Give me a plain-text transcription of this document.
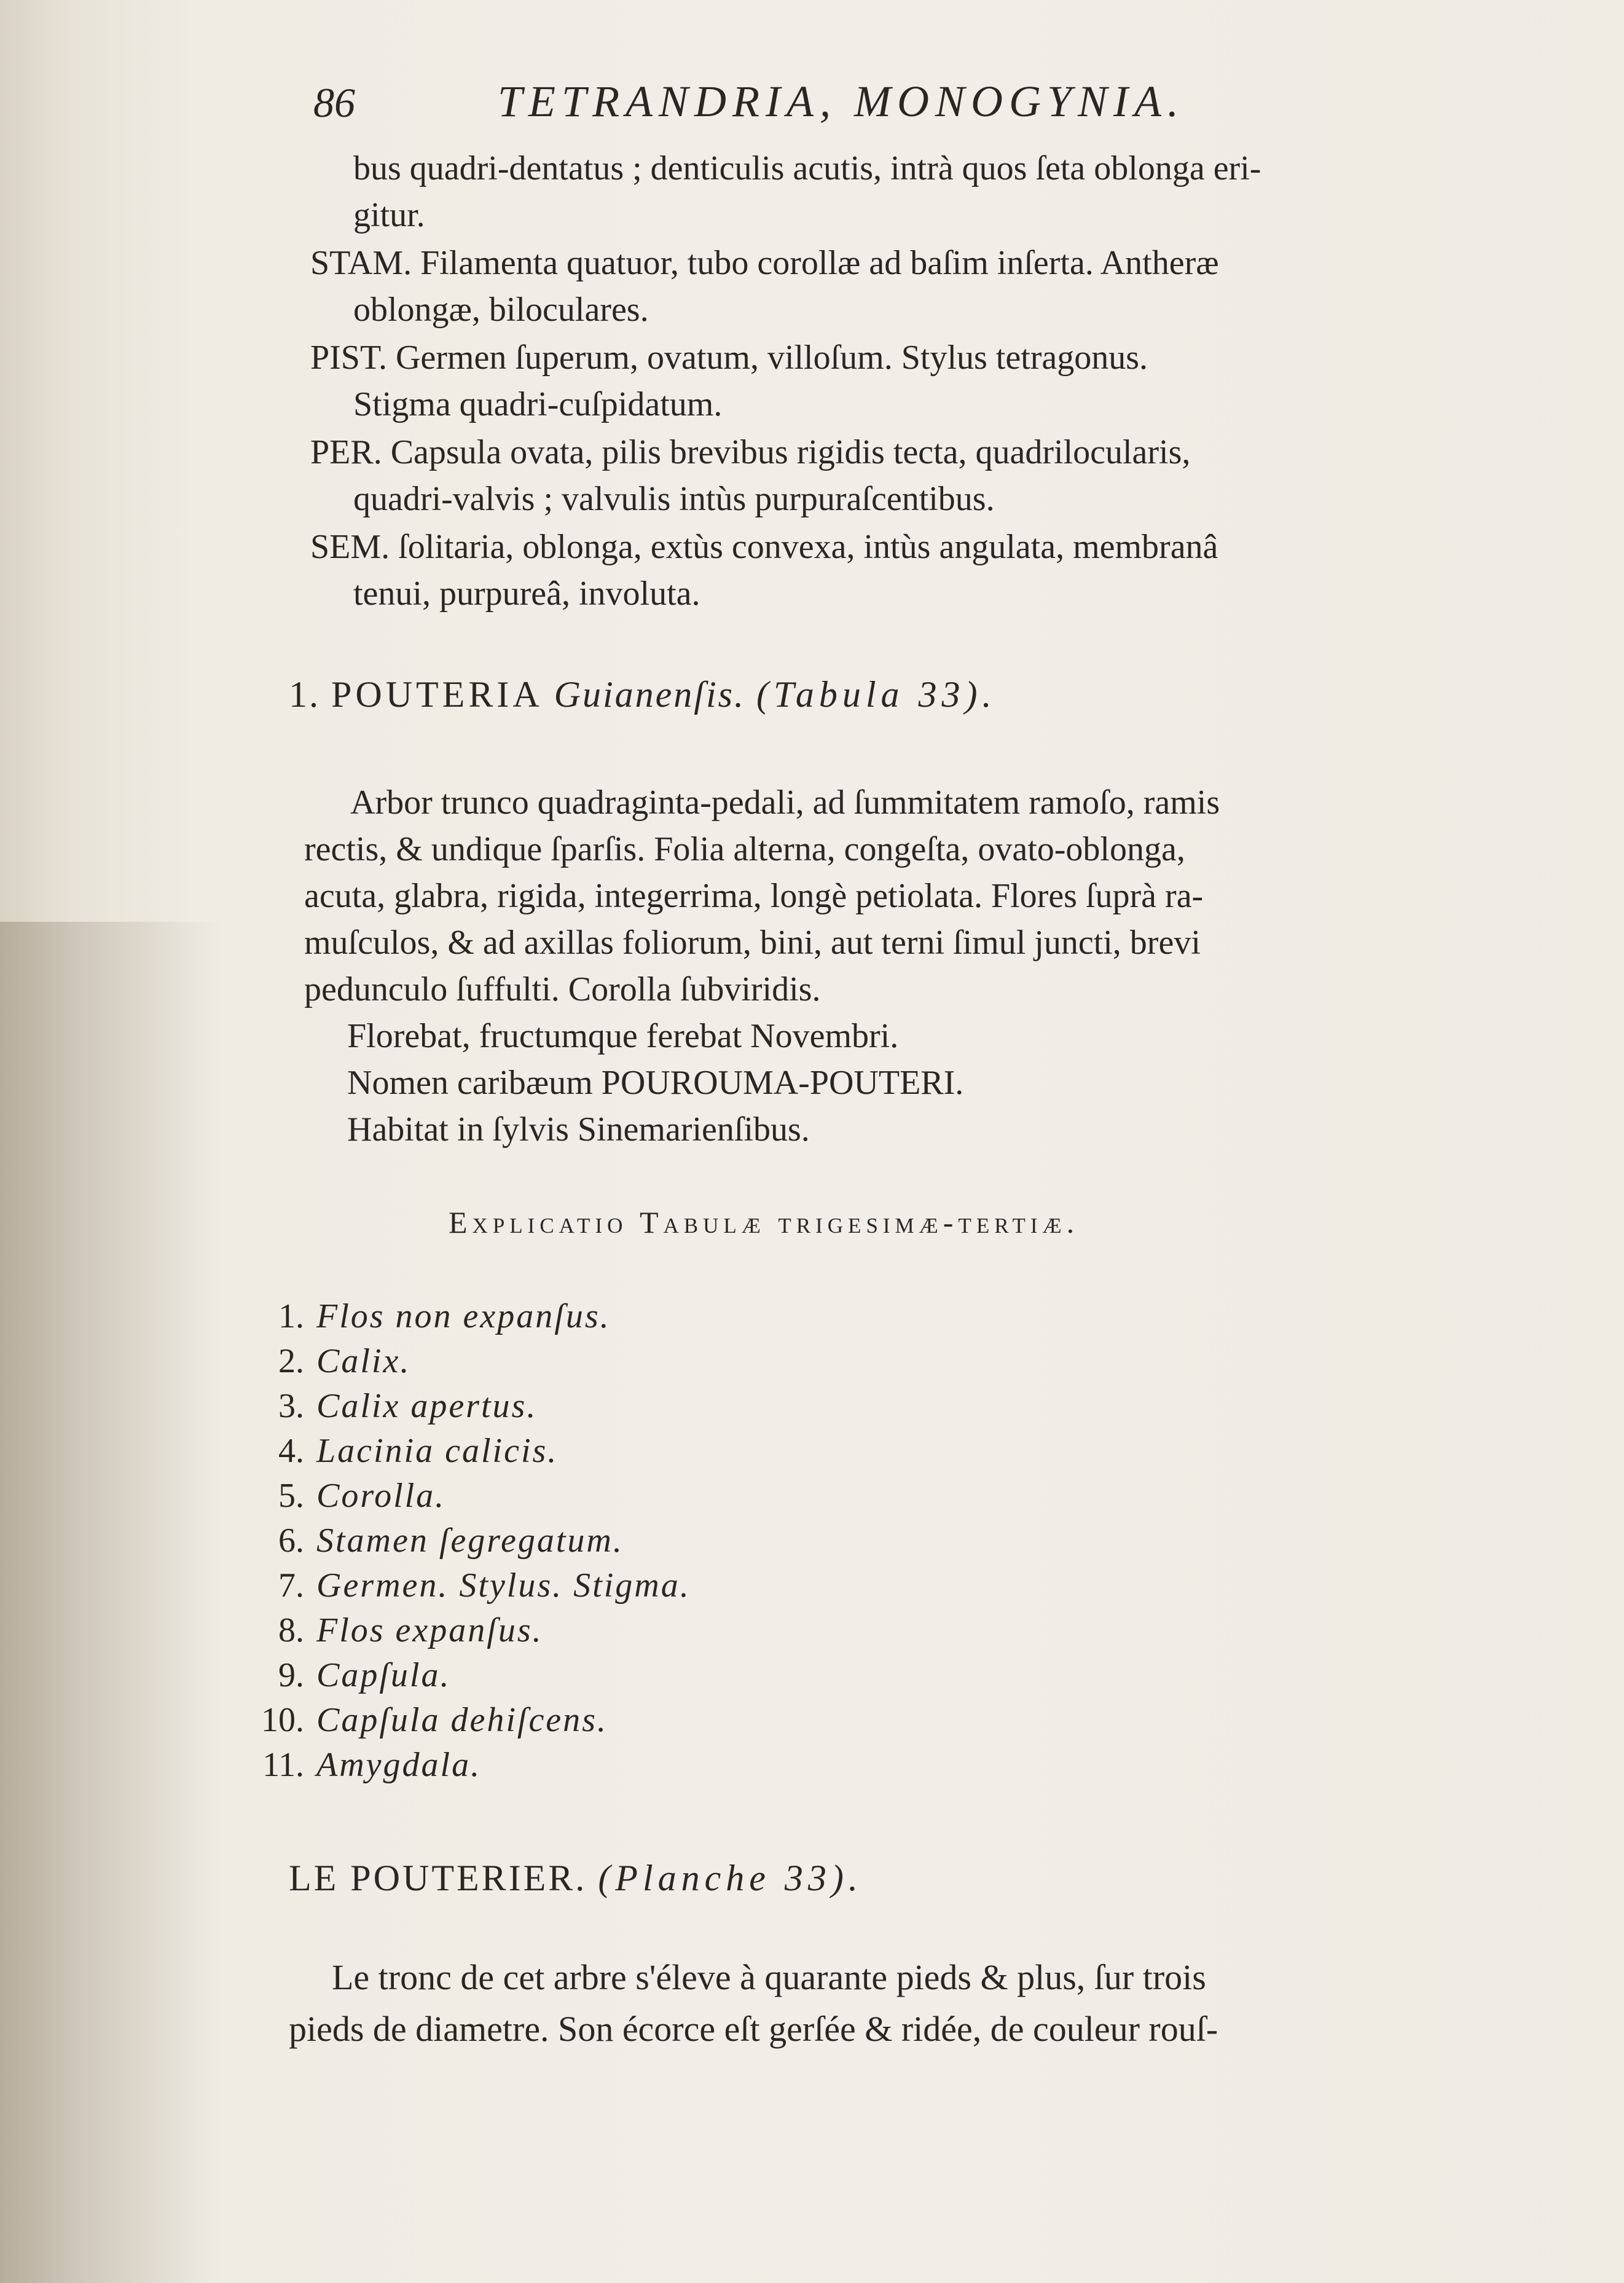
86	TETRANDRIA, MONOGYNIA.
bus quadri-dentatus ; denticulis acutis, intrà quos ſeta oblonga eri-
gitur.
STAM. Filamenta quatuor, tubo corollæ ad baſim inſerta. Antheræ
oblongæ, biloculares.
PIST. Germen ſuperum, ovatum, villoſum. Stylus tetragonus.
Stigma quadri-cuſpidatum.
PER. Capsula ovata, pilis brevibus rigidis tecta, quadrilocularis,
quadri-valvis ; valvulis intùs purpuraſcentibus.
SEM. ſolitaria, oblonga, extùs convexa, intùs angulata, membranâ
tenui, purpureâ, involuta.
1. POUTERIA Guianenſis. (Tabula 33).
Arbor trunco quadraginta-pedali, ad ſummitatem ramoſo, ramis
rectis, & undique ſparſis. Folia alterna, congeſta, ovato-oblonga,
acuta, glabra, rigida, integerrima, longè petiolata. Flores ſuprà ra-
muſculos, & ad axillas foliorum, bini, aut terni ſimul juncti, brevi
pedunculo ſuffulti. Corolla ſubviridis.
Florebat, fructumque ferebat Novembri.
Nomen caribæum POUROUMA-POUTERI.
Habitat in ſylvis Sinemarienſibus.
Explicatio Tabulæ trigesimæ-tertiæ.
1. Flos non expanſus.
2. Calix.
3. Calix apertus.
4. Lacinia calicis.
5. Corolla.
6. Stamen ſegregatum.
7. Germen. Stylus. Stigma.
8. Flos expanſus.
9. Capſula.
10. Capſula dehiſcens.
11. Amygdala.
LE POUTERIER. (Planche 33).
Le tronc de cet arbre s'éleve à quarante pieds & plus, ſur trois
pieds de diametre. Son écorce eſt gerſée & ridée, de couleur rouſ-
